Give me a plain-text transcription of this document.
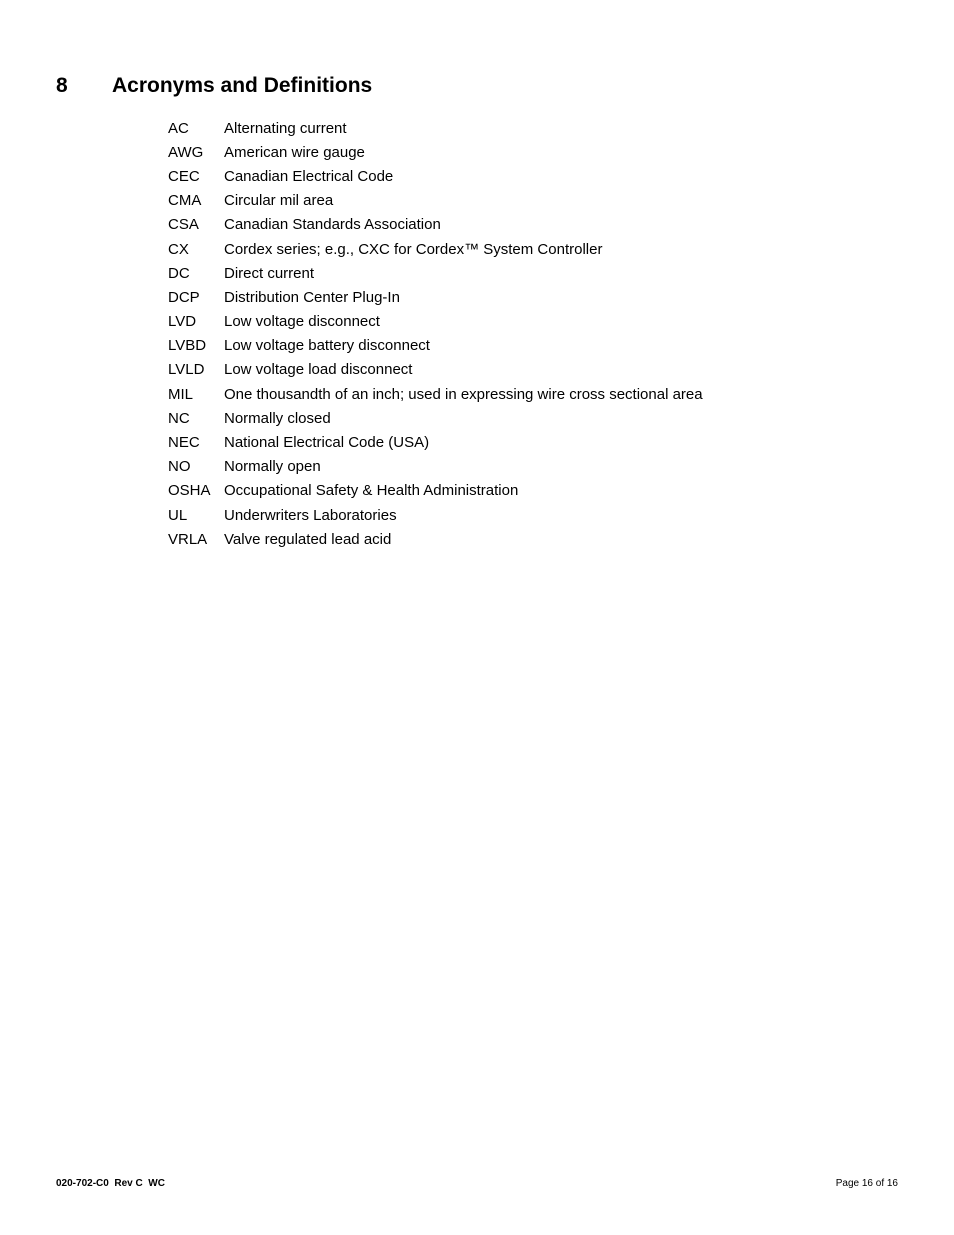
8	Acronyms and Definitions
AC	Alternating current
AWG	American wire gauge
CEC	Canadian Electrical Code
CMA	Circular mil area
CSA	Canadian Standards Association
CX	Cordex series; e.g., CXC for Cordex™ System Controller
DC	Direct current
DCP	Distribution Center Plug-In
LVD	Low voltage disconnect
LVBD	Low voltage battery disconnect
LVLD	Low voltage load disconnect
MIL	One thousandth of an inch; used in expressing wire cross sectional area
NC	Normally closed
NEC	National Electrical Code (USA)
NO	Normally open
OSHA Occupational Safety & Health Administration
UL	Underwriters Laboratories
VRLA	Valve regulated lead acid
020-702-C0  Rev C  WC	Page 16 of 16
